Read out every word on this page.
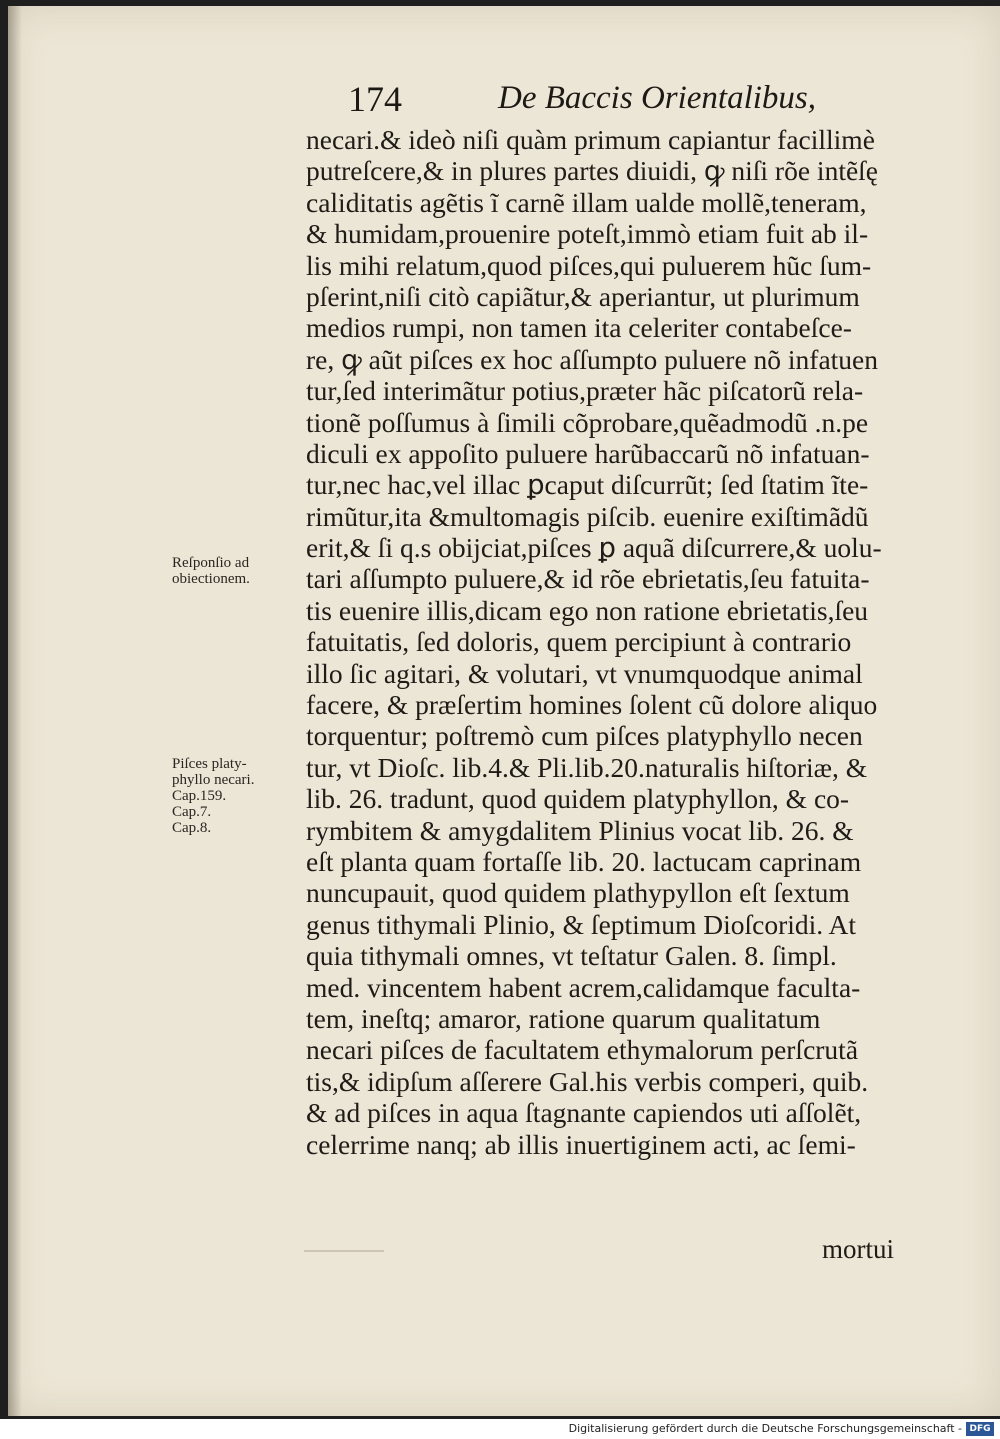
174	De Baccis Orientalibus,
necari.& ideò niſi quàm primum capiantur facillimè
putreſcere,& in plures partes diuidi, ꝙ niſi rõe intẽſę
caliditatis agẽtis ĩ carnẽ illam ualde mollẽ,teneram,
& humidam,prouenire poteſt,immò etiam fuit ab il-
lis mihi relatum,quod piſces,qui puluerem hũc ſum-
pſerint,niſi citò capiãtur,& aperiantur, ut plurimum
medios rumpi, non tamen ita celeriter contabeſce-
re, ꝙ aũt piſces ex hoc aſſumpto puluere nõ infatuen
tur,ſed interimãtur potius,præter hãc piſcatorũ rela-
tionẽ poſſumus à ſimili cõprobare,quẽadmodũ .n.pe
diculi ex appoſito puluere harũbaccarũ nõ infatuan-
tur,nec hac,vel illac ꝑcaput diſcurrũt; ſed ſtatim ĩte-
rimũtur,ita &multomagis piſcib. euenire exiſtimãdũ
erit,& ſi q.s obijciat,piſces ꝑ aquã diſcurrere,& uolu-
tari aſſumpto puluere,& id rõe ebrietatis,ſeu fatuita-
tis euenire illis,dicam ego non ratione ebrietatis,ſeu
fatuitatis, ſed doloris, quem percipiunt à contrario
illo ſic agitari, & volutari, vt vnumquodque animal
facere, & præſertim homines ſolent cũ dolore aliquo
torquentur; poſtremò cum piſces platyphyllo necen
tur, vt Dioſc. lib.4.& Pli.lib.20.naturalis hiſtoriæ, &
lib. 26. tradunt, quod quidem platyphyllon, & co-
rymbitem & amygdalitem Plinius vocat lib. 26. &
eſt planta quam fortaſſe lib. 20. lactucam caprinam
nuncupauit, quod quidem plathypyllon eſt ſextum
genus tithymali Plinio, & ſeptimum Dioſcoridi. At
quia tithymali omnes, vt teſtatur Galen. 8. ſimpl.
med. vincentem habent acrem,calidamque faculta-
tem, ineſtq; amaror, ratione quarum qualitatum
necari piſces de facultatem ethymalorum perſcrutã
tis,& idipſum aſſerere Gal.his verbis comperi, quib.
& ad piſces in aqua ſtagnante capiendos uti aſſolẽt,
celerrime nanq; ab illis inuertiginem acti, ac ſemi-
mortui
Reſponſio ad
obiectionem.
Piſces platy-
phyllo necari.
Cap.159.
Cap.7.
Cap.8.
Digitalisierung gefördert durch die Deutsche Forschungsgemeinschaft - DFG
